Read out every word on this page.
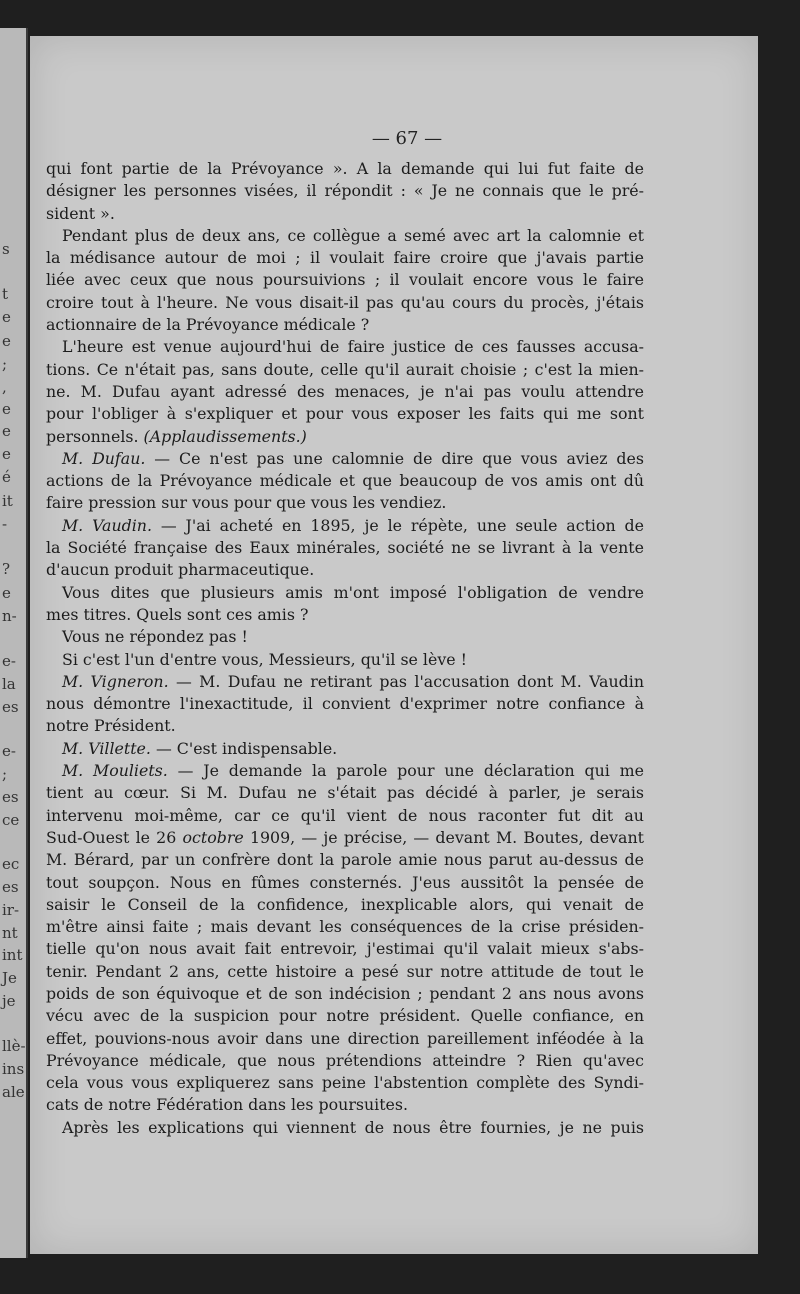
s
t
e
e
;
,
e
e
e
é
it
-
?
e
n-
e-
la
es
e-
;
es
ce
ec
es
ir-
nt
int
Je
je
llè-
ins
ale
— 67 —
qui font partie de la Prévoyance ». A la demande qui lui fut faite de
désigner les personnes visées, il répondit : « Je ne connais que le pré-
sident ».
Pendant plus de deux ans, ce collègue a semé avec art la calomnie et
la médisance autour de moi ; il voulait faire croire que j'avais partie
liée avec ceux que nous poursuivions ; il voulait encore vous le faire
croire tout à l'heure. Ne vous disait-il pas qu'au cours du procès, j'étais
actionnaire de la Prévoyance médicale ?
L'heure est venue aujourd'hui de faire justice de ces fausses accusa-
tions. Ce n'était pas, sans doute, celle qu'il aurait choisie ; c'est la mien-
ne. M. Dufau ayant adressé des menaces, je n'ai pas voulu attendre
pour l'obliger à s'expliquer et pour vous exposer les faits qui me sont
personnels. (Applaudissements.)
M. Dufau. — Ce n'est pas une calomnie de dire que vous aviez des
actions de la Prévoyance médicale et que beaucoup de vos amis ont dû
faire pression sur vous pour que vous les vendiez.
M. Vaudin. — J'ai acheté en 1895, je le répète, une seule action de
la Société française des Eaux minérales, société ne se livrant à la vente
d'aucun produit pharmaceutique.
Vous dites que plusieurs amis m'ont imposé l'obligation de vendre
mes titres. Quels sont ces amis ?
Vous ne répondez pas !
Si c'est l'un d'entre vous, Messieurs, qu'il se lève !
M. Vigneron. — M. Dufau ne retirant pas l'accusation dont M. Vaudin
nous démontre l'inexactitude, il convient d'exprimer notre confiance à
notre Président.
M. Villette. — C'est indispensable.
M. Mouliets. — Je demande la parole pour une déclaration qui me
tient au cœur. Si M. Dufau ne s'était pas décidé à parler, je serais
intervenu moi-même, car ce qu'il vient de nous raconter fut dit au
Sud-Ouest le 26 octobre 1909, — je précise, — devant M. Boutes, devant
M. Bérard, par un confrère dont la parole amie nous parut au-dessus de
tout soupçon. Nous en fûmes consternés. J'eus aussitôt la pensée de
saisir le Conseil de la confidence, inexplicable alors, qui venait de
m'être ainsi faite ; mais devant les conséquences de la crise présiden-
tielle qu'on nous avait fait entrevoir, j'estimai qu'il valait mieux s'abs-
tenir. Pendant 2 ans, cette histoire a pesé sur notre attitude de tout le
poids de son équivoque et de son indécision ; pendant 2 ans nous avons
vécu avec de la suspicion pour notre président. Quelle confiance, en
effet, pouvions-nous avoir dans une direction pareillement inféodée à la
Prévoyance médicale, que nous prétendions atteindre ? Rien qu'avec
cela vous vous expliquerez sans peine l'abstention complète des Syndi-
cats de notre Fédération dans les poursuites.
Après les explications qui viennent de nous être fournies, je ne puis
